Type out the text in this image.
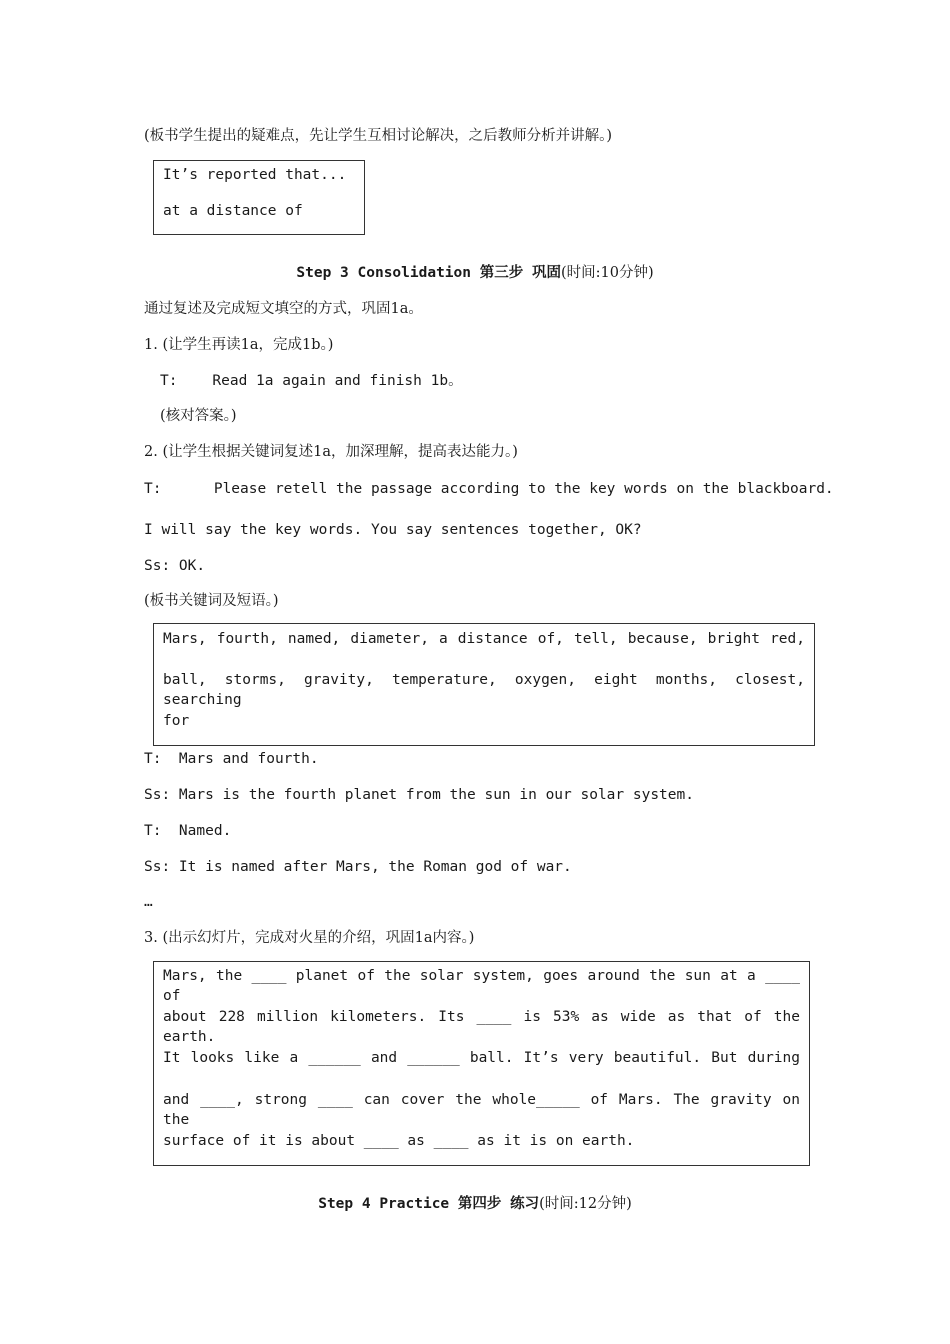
(板书学生提出的疑难点，先让学生互相讨论解决，之后教师分析并讲解。)
It’s reported that...
at a distance of
Step 3 Consolidation 第三步 巩固(时间:10分钟)
通过复述及完成短文填空的方式，巩固1a。
1. (让学生再读1a，完成1b。)
T:    Read 1a again and finish 1b。
(核对答案。)
2. (让学生根据关键词复述1a，加深理解，提高表达能力。)
T:      Please retell the passage according to the key words on the blackboard.
I will say the key words. You say sentences together, OK?
Ss: OK.
(板书关键词及短语。)
Mars, fourth, named, diameter, a distance of, tell, because, bright red,
ball, storms, gravity, temperature, oxygen, eight months, closest, searching
for
T:  Mars and fourth.
Ss: Mars is the fourth planet from the sun in our solar system.
T:  Named.
Ss: It is named after Mars, the Roman god of war.
…
3. (出示幻灯片，完成对火星的介绍，巩固1a内容。)
Mars, the ____ planet of the solar system, goes around the sun at a ____ of
about 228 million kilometers. Its ____ is 53% as wide as that of the earth.
It looks like a ______ and ______ ball. It’s very beautiful. But during
and ____, strong ____ can cover the whole_____ of Mars. The gravity on the
surface of it is about ____ as ____ as it is on earth.
Step 4 Practice 第四步 练习(时间:12分钟)
